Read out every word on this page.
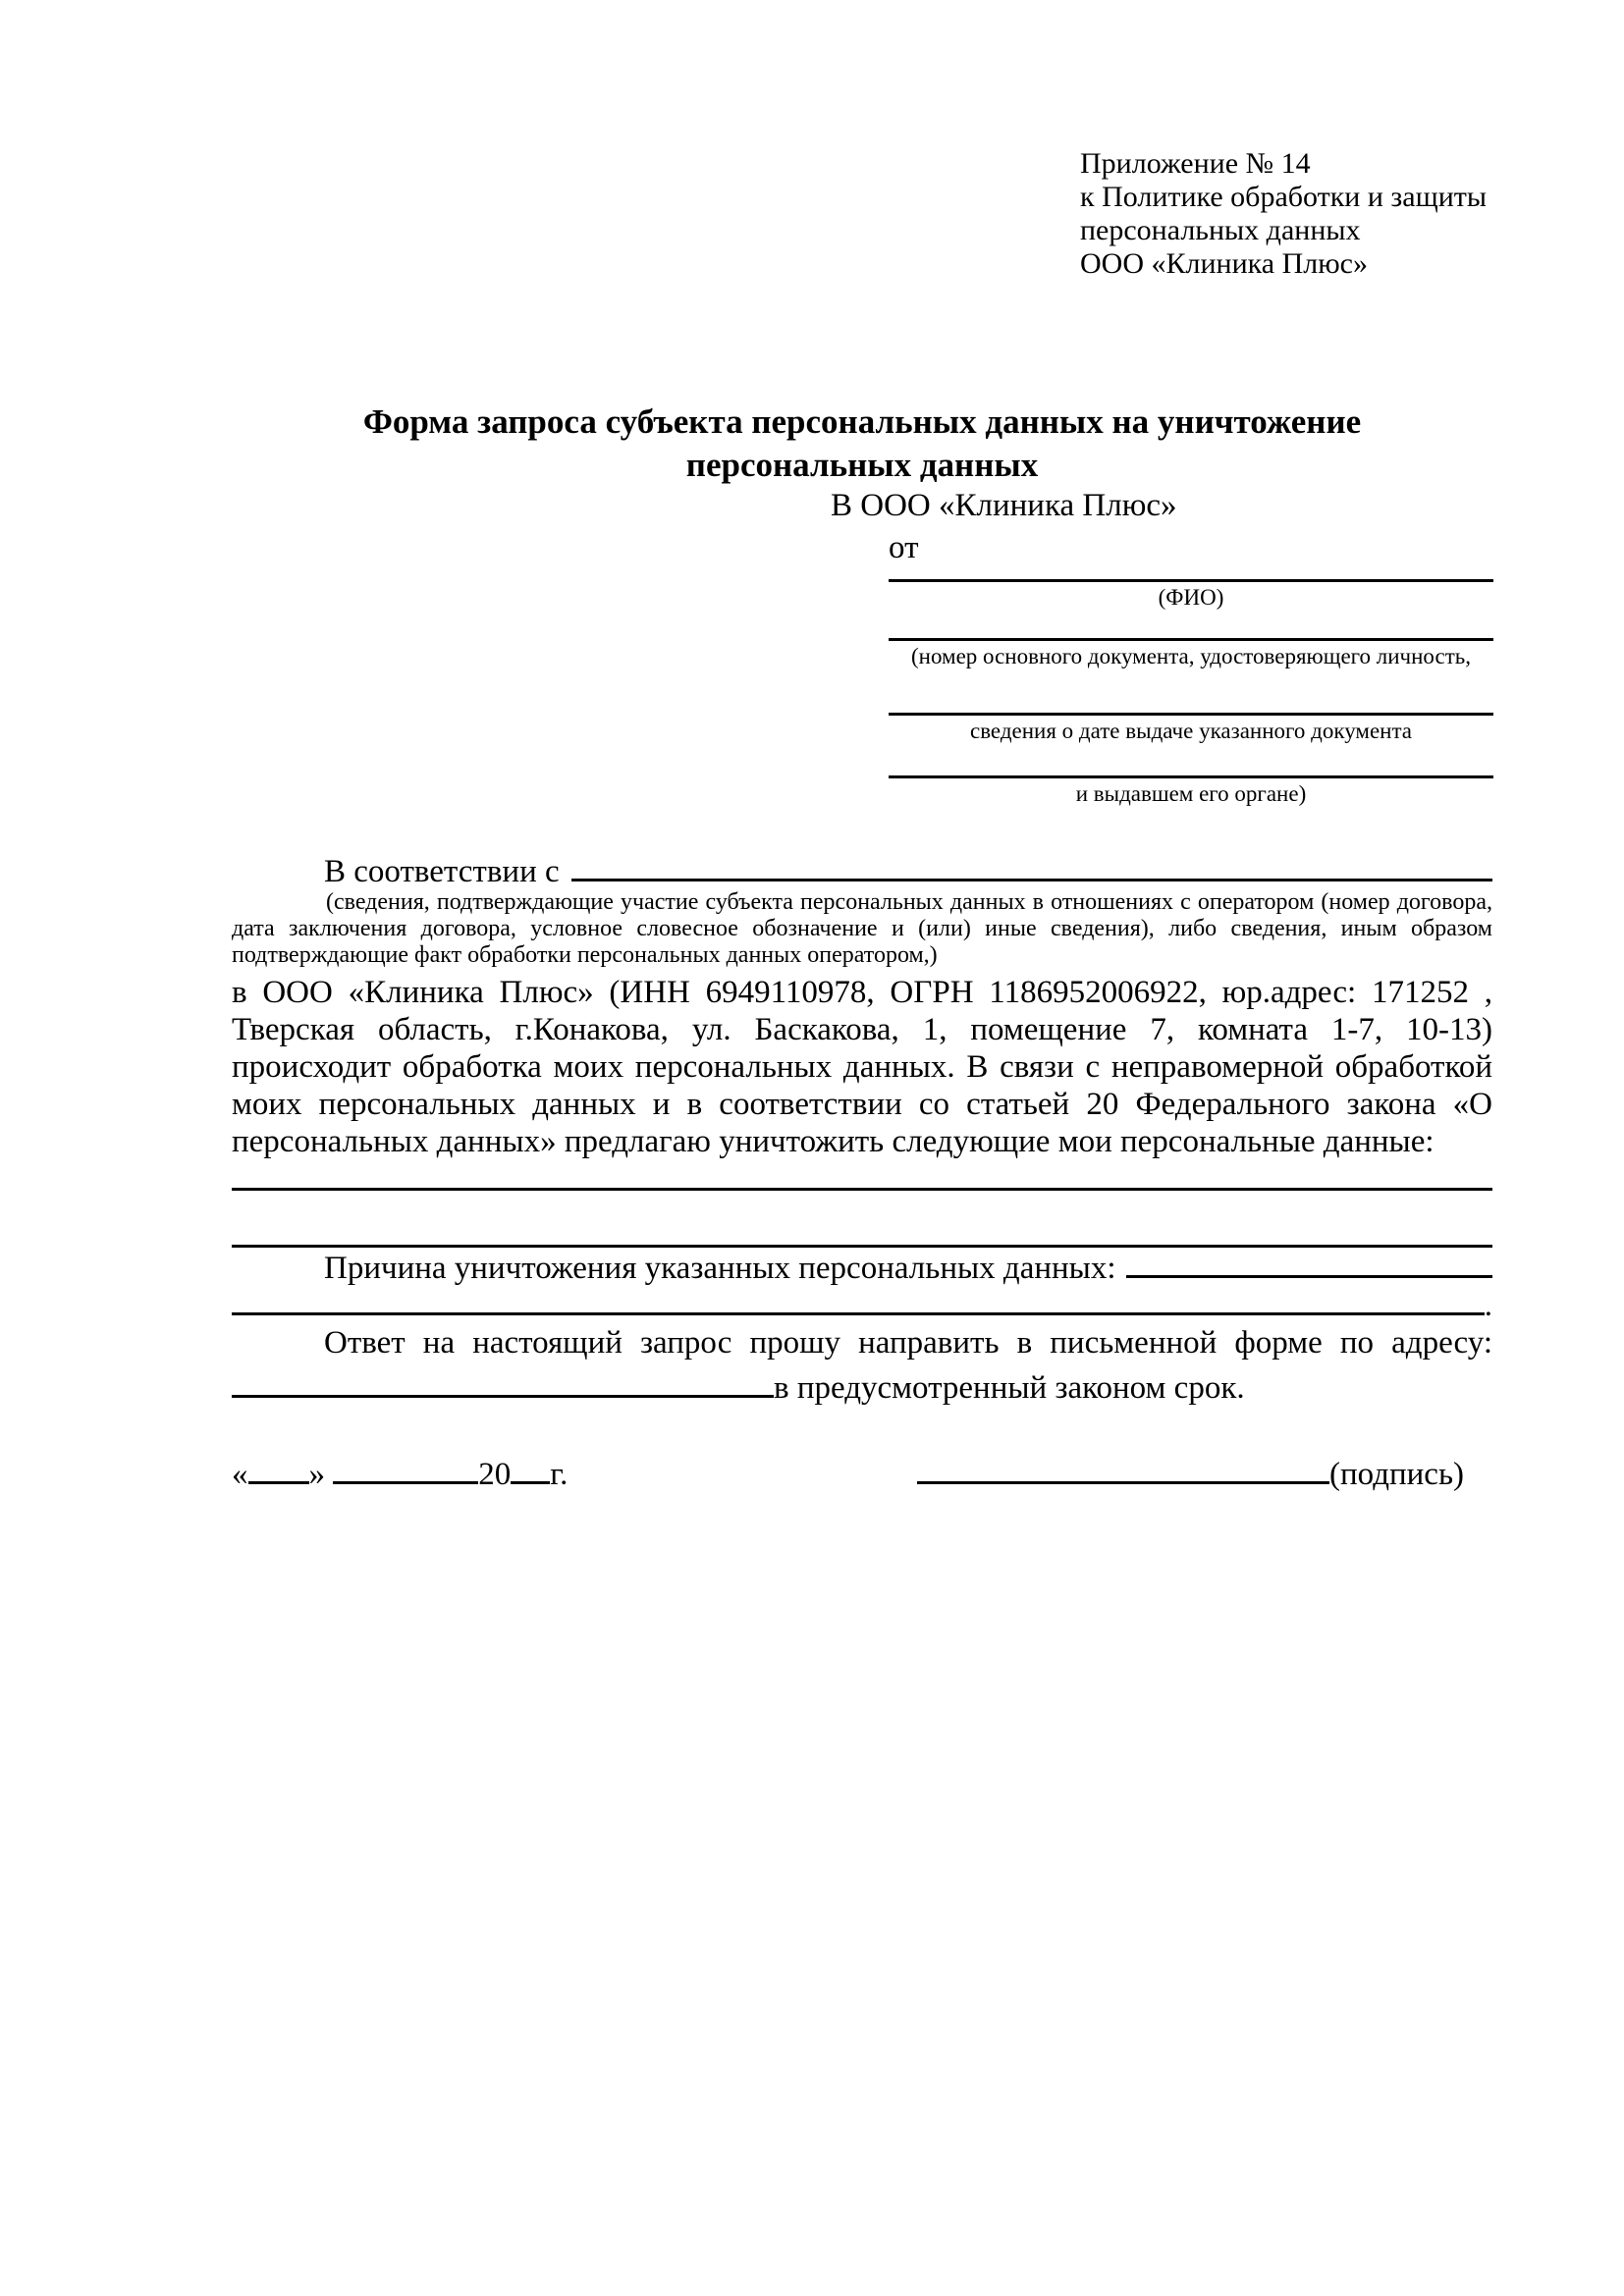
Приложение № 14
к Политике обработки и защиты
персональных данных
ООО «Клиника Плюс»
Форма запроса субъекта персональных данных на уничтожение
персональных данных
В ООО «Клиника Плюс»
от
(ФИО)
(номер основного документа, удостоверяющего личность,
сведения о дате выдаче указанного документа
и выдавшем его органе)
В соответствии с
(сведения, подтверждающие участие субъекта персональных данных в отношениях с оператором (номер договора, дата заключения договора, условное словесное обозначение и (или) иные сведения), либо сведения, иным образом подтверждающие факт обработки персональных данных оператором,)
в ООО «Клиника Плюс» (ИНН 6949110978, ОГРН 1186952006922, юр.адрес: 171252 , Тверская область, г.Конакова, ул. Баскакова, 1, помещение 7, комната 1-7, 10-13) происходит обработка моих персональных данных. В связи с неправомерной обработкой моих персональных данных и в соответствии со статьей 20 Федерального закона «О персональных данных» предлагаю уничтожить следующие мои персональные данные:
Причина уничтожения указанных персональных данных:
.
Ответ на настоящий запрос прошу направить в письменной форме по адресу:
в предусмотренный законом срок.
« »	20 г.	(подпись)
